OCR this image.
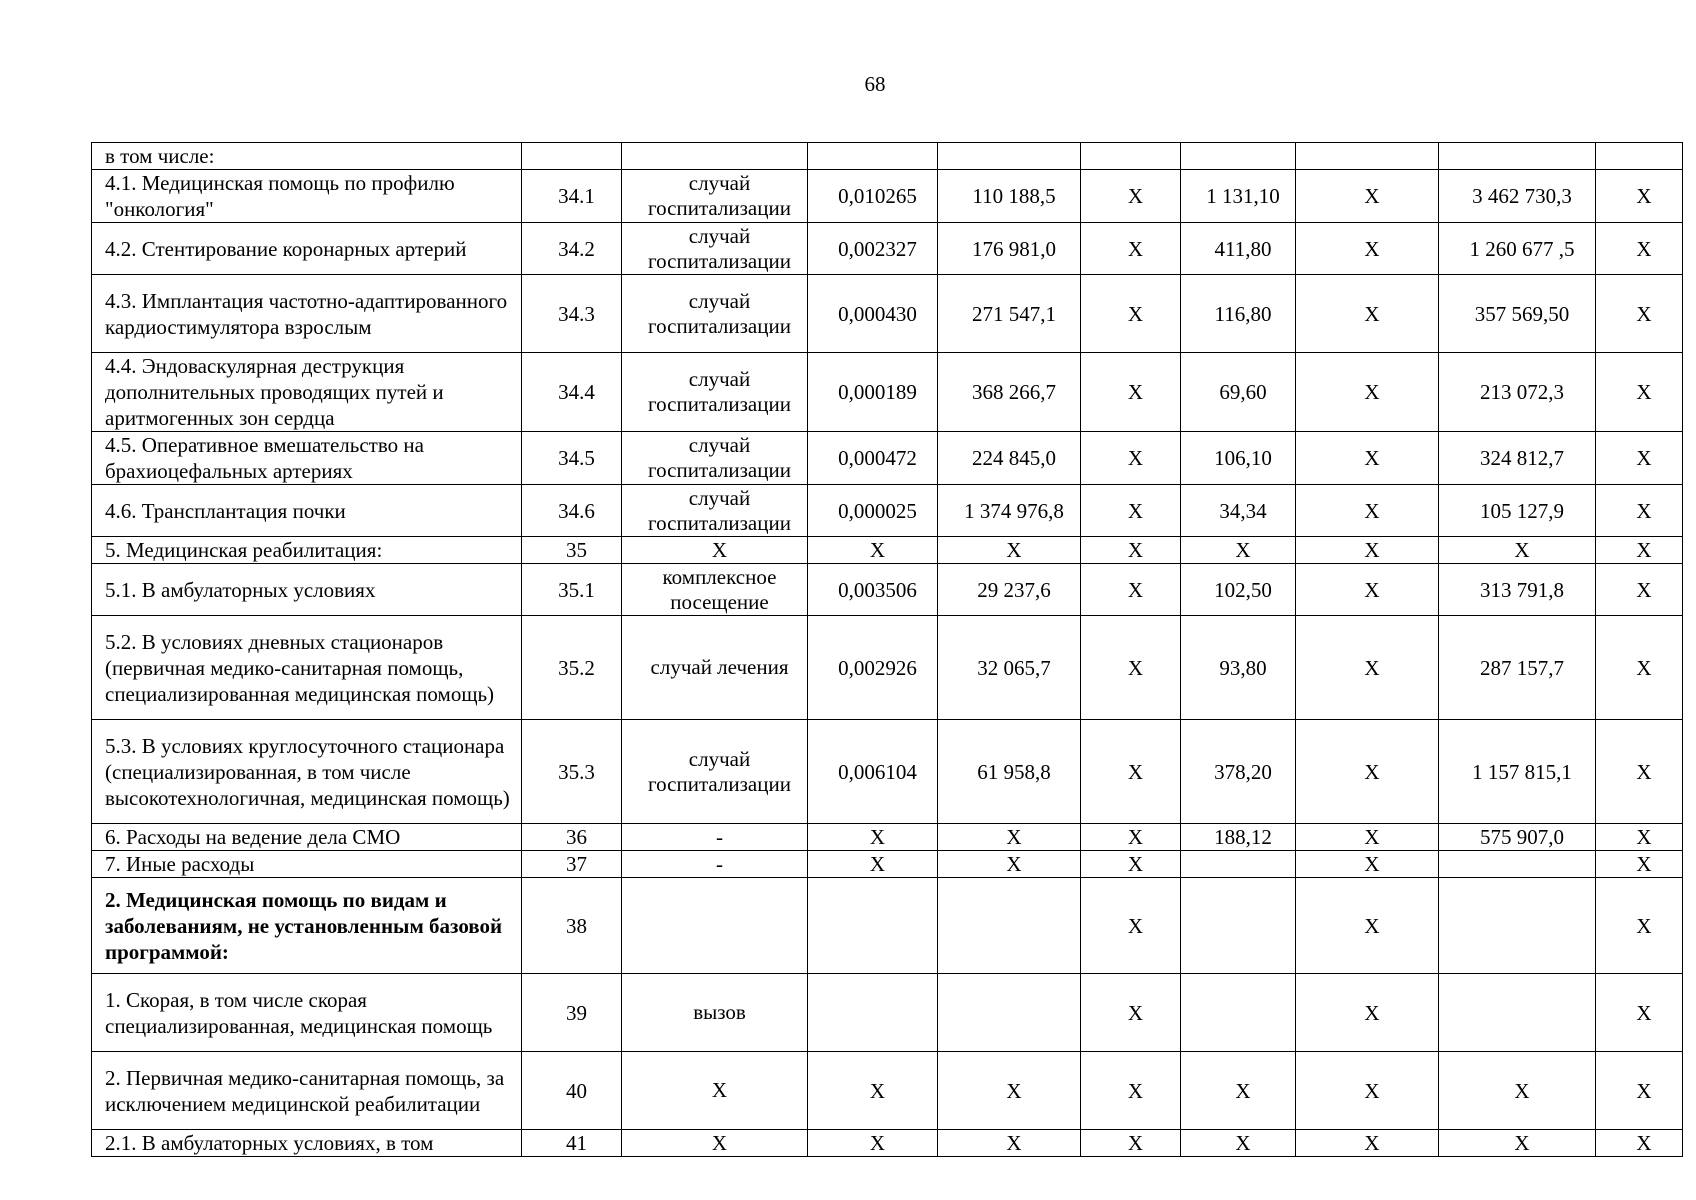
68
в том числе:									
4.1. Медицинская помощь по профилю "онкология"	34.1	случай госпитализации	0,010265	110 188,5	Х	1 131,10	Х	3 462 730,3	Х
4.2. Стентирование коронарных артерий	34.2	случай госпитализации	0,002327	176 981,0	Х	411,80	Х	1 260 677 ,5	Х
4.3. Имплантация частотно-адаптированного кардиостимулятора взрослым	34.3	случай госпитализации	0,000430	271 547,1	Х	116,80	Х	357 569,50	Х
4.4. Эндоваскулярная деструкция дополнительных проводящих путей и аритмогенных зон сердца	34.4	случай госпитализации	0,000189	368 266,7	Х	69,60	Х	213 072,3	Х
4.5. Оперативное вмешательство на брахиоцефальных артериях	34.5	случай госпитализации	0,000472	224 845,0	Х	106,10	Х	324 812,7	Х
4.6. Трансплантация почки	34.6	случай госпитализации	0,000025	1 374 976,8	Х	34,34	Х	105 127,9	Х
5. Медицинская реабилитация:	35	Х	Х	Х	Х	Х	Х	Х	Х
5.1. В амбулаторных условиях	35.1	комплексное посещение	0,003506	29 237,6	Х	102,50	Х	313 791,8	Х
5.2. В условиях дневных стационаров (первичная медико-санитарная помощь, специализированная медицинская помощь)	35.2	случай лечения	0,002926	32 065,7	Х	93,80	Х	287 157,7	Х
5.3. В условиях круглосуточного стационара (специализированная, в том числе высокотехнологичная, медицинская помощь)	35.3	случай госпитализации	0,006104	61 958,8	Х	378,20	Х	1 157 815,1	Х
6. Расходы на ведение дела СМО	36	-	Х	Х	Х	188,12	Х	575 907,0	Х
7. Иные расходы	37	-	Х	Х	Х		Х		Х
2. Медицинская помощь по видам и заболеваниям, не установленным базовой программой:	38				Х		Х		Х
1. Скорая, в том числе скорая специализированная, медицинская помощь	39	вызов			Х		Х		Х
2. Первичная медико-санитарная помощь, за исключением медицинской реабилитации	40	Х	Х	Х	Х	Х	Х	Х	Х
2.1. В амбулаторных условиях, в том	41	Х	Х	Х	Х	Х	Х	Х	Х
